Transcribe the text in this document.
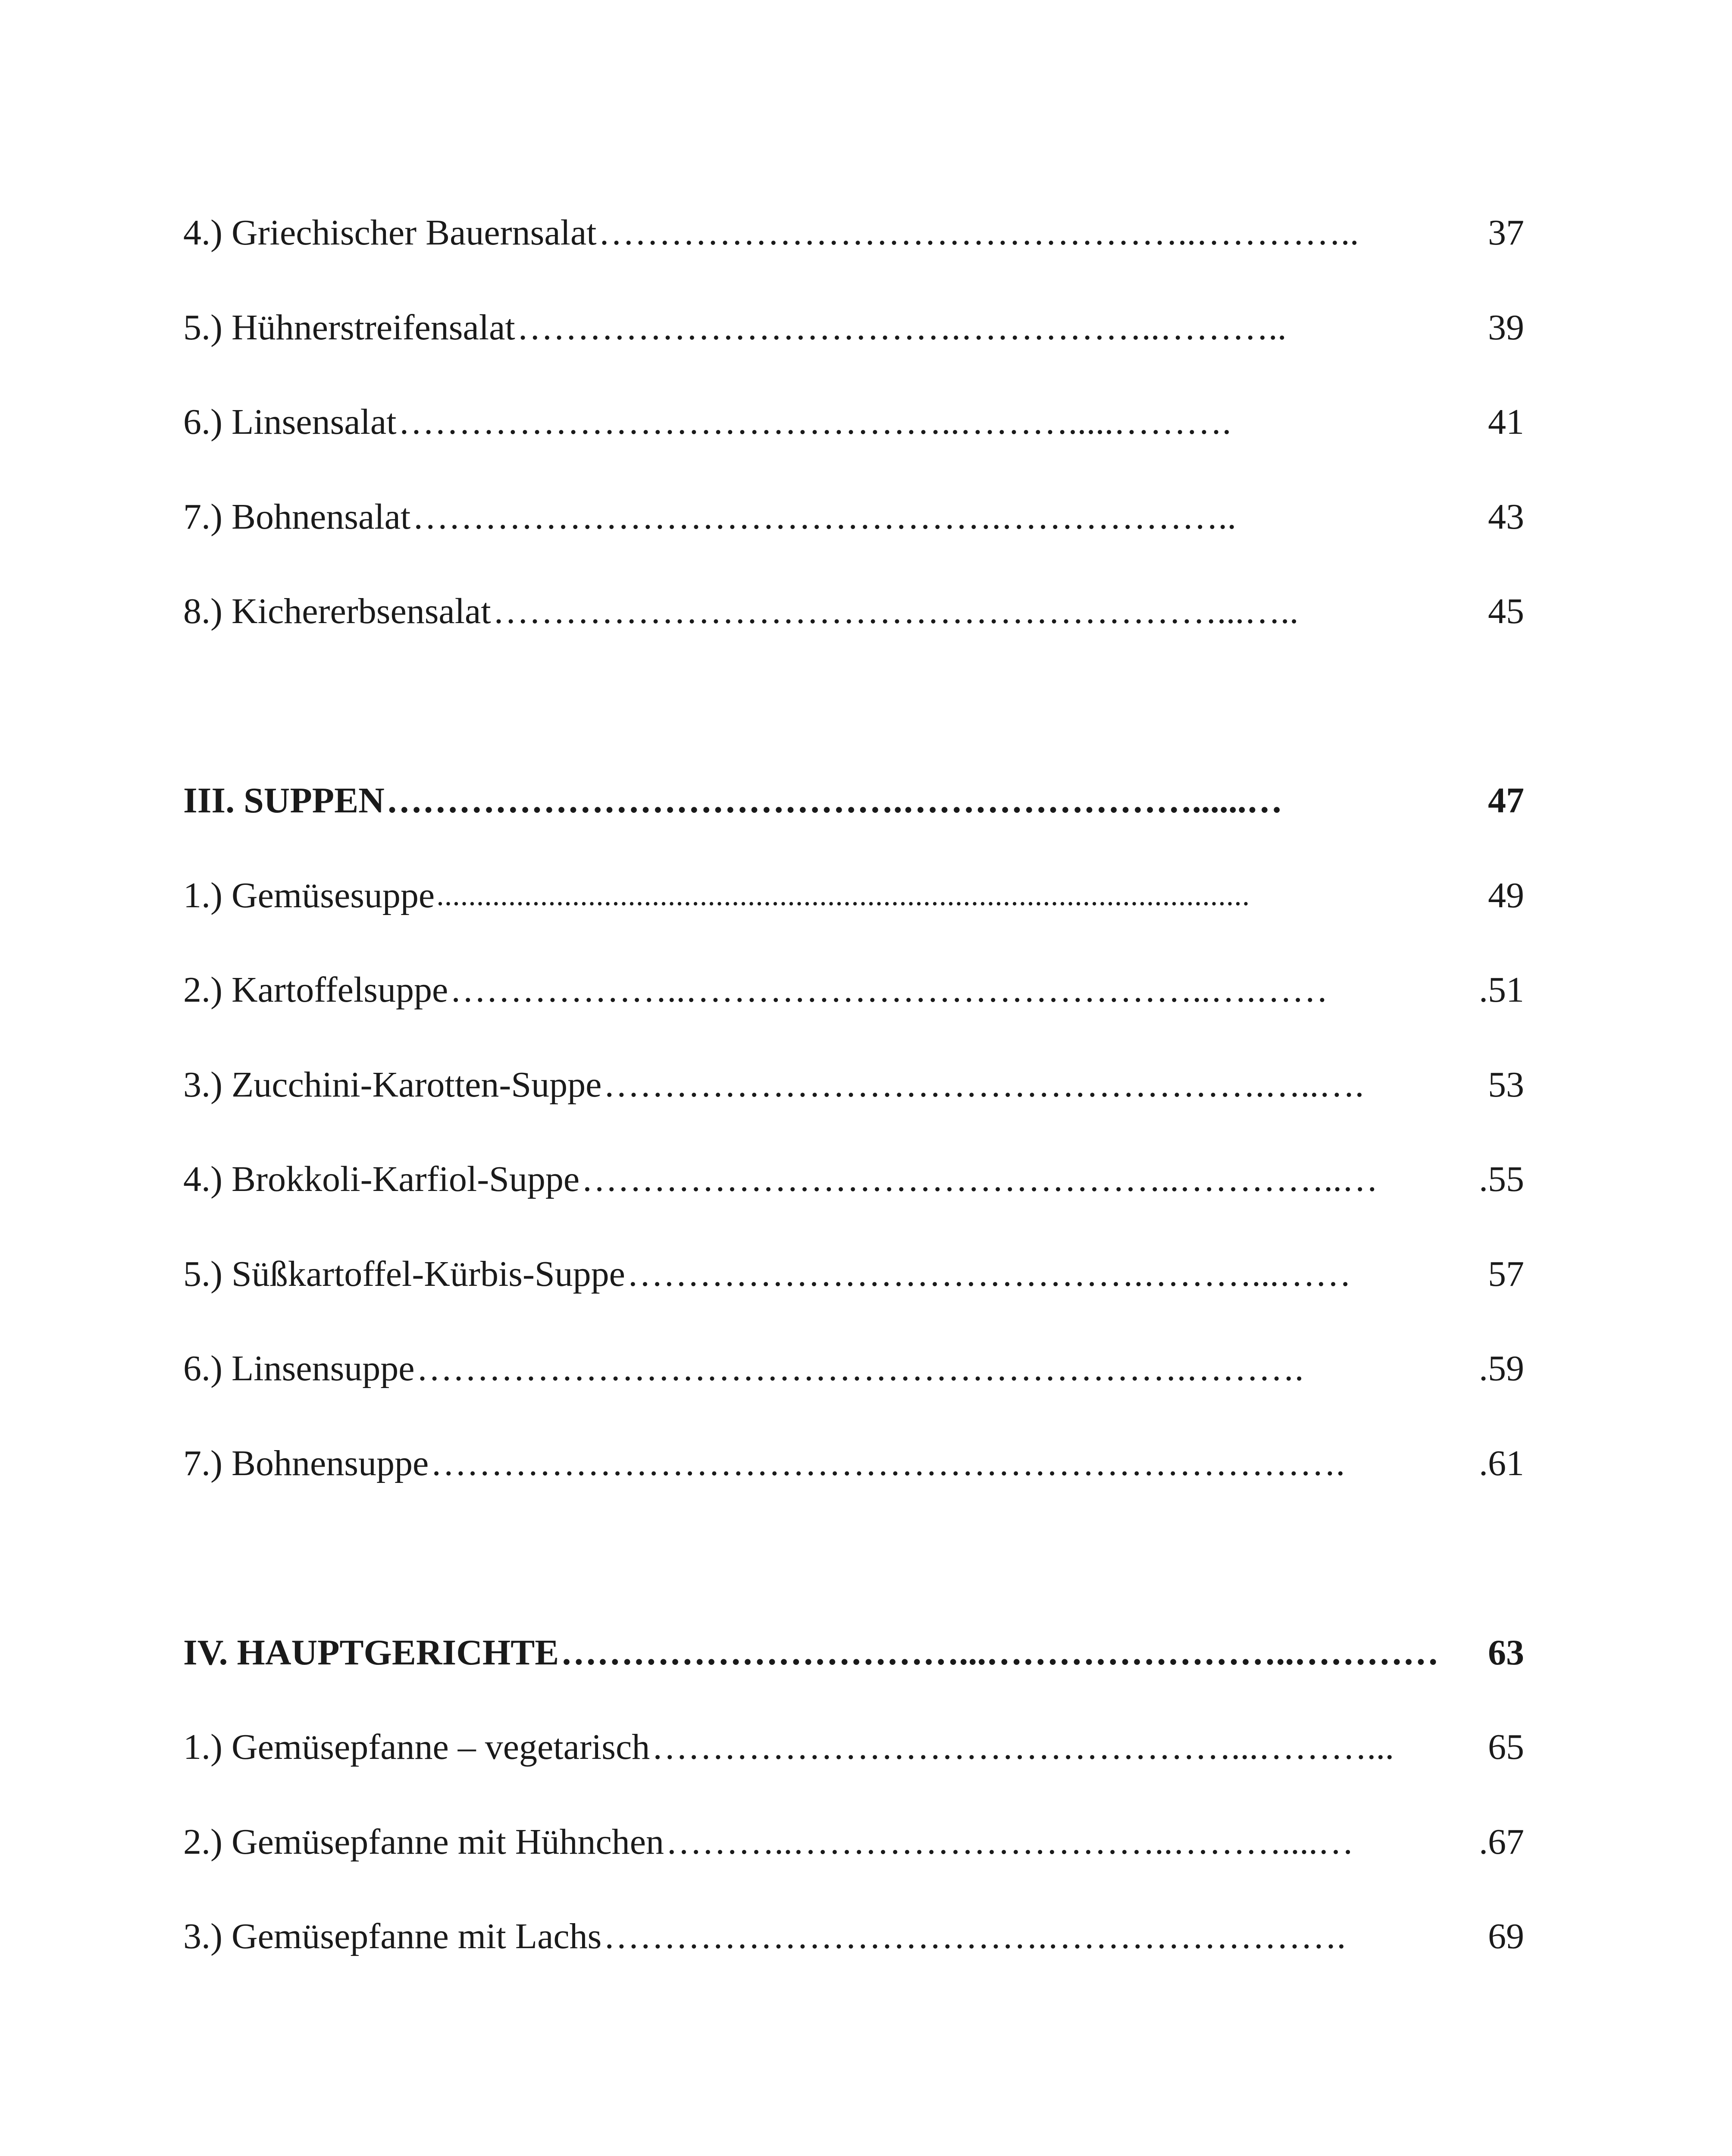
4.) Griechischer Bauernsalat…………………………………………..…………..	37
5.) Hühnerstreifensalat……………………………….……………..………..	39
6.) Linsensalat………………………………………..……….....……….	41
7.) Bohnensalat………………………………………….………………..	43
8.) Kichererbsensalat……………………………………………………...…..	45
III. SUPPEN…………………………………….……………………......…	47
1.) Gemüsesuppe......................................................................................................	49
2.) Kartoffelsuppe………………..……………………………………..….……	.51
3.) Zucchini-Karotten-Suppe……………………………………………….…..….	53
4.) Brokkoli-Karfiol-Suppe…………………………………………..…………..…	.55
5.) Süßkartoffel-Kürbis-Suppe…………………………………….………...……	57
6.) Linsensuppe……………………………………………………….……….	.59
7.) Bohnensuppe………………………………………………………………….	.61
IV. HAUPTGERICHTE……………………………...……………………..………… 63
1.) Gemüsepfanne – vegetarisch…………………………………………...………...	65
2.) Gemüsepfanne mit Hühnchen………..…………………………..………....…	.67
3.) Gemüsepfanne mit Lachs……………………………….…………………….	69
